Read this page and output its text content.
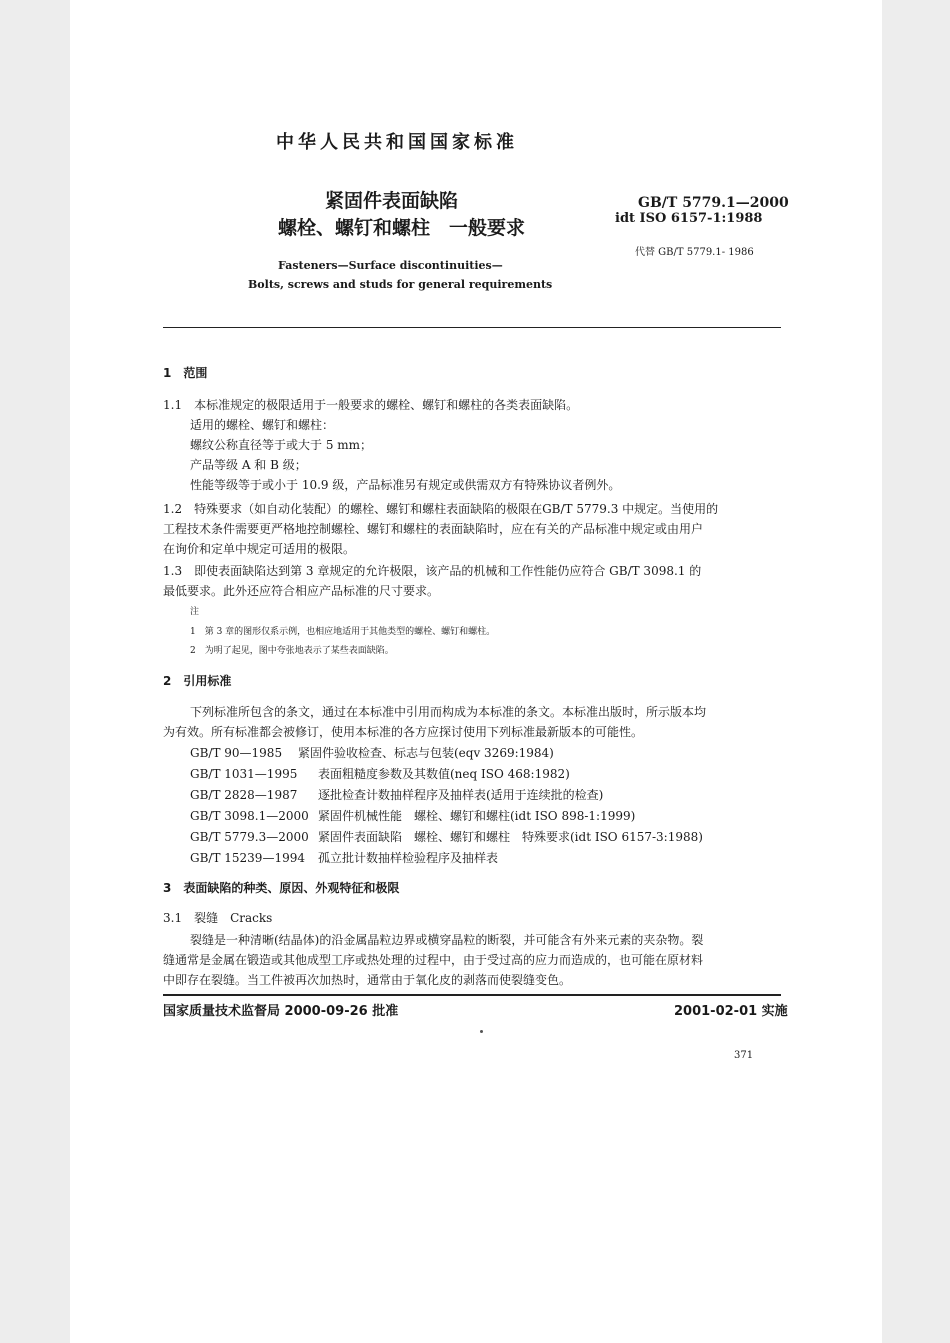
中华人民共和国国家标准
紧固件表面缺陷
螺栓、螺钉和螺柱　一般要求
GB/T 5779.1—2000
idt ISO 6157-1:1988
代替 GB/T 5779.1- 1986
Fasteners—Surface discontinuities—
Bolts, screws and studs for general requirements
1　范围
1.1　本标准规定的极限适用于一般要求的螺栓、螺钉和螺柱的各类表面缺陷。
适用的螺栓、螺钉和螺柱：
螺纹公称直径等于或大于 5 mm；
产品等级 A 和 B 级；
性能等级等于或小于 10.9 级，产品标准另有规定或供需双方有特殊协议者例外。
1.2　特殊要求（如自动化装配）的螺栓、螺钉和螺柱表面缺陷的极限在GB/T 5779.3 中规定。当使用的
工程技术条件需要更严格地控制螺栓、螺钉和螺柱的表面缺陷时，应在有关的产品标准中规定或由用户
在询价和定单中规定可适用的极限。
1.3　即使表面缺陷达到第 3 章规定的允许极限，该产品的机械和工作性能仍应符合 GB/T 3098.1 的
最低要求。此外还应符合相应产品标准的尺寸要求。
注
1　第 3 章的图形仅系示例，也相应地适用于其他类型的螺栓、螺钉和螺柱。
2　为明了起见，图中夸张地表示了某些表面缺陷。
2　引用标准
下列标准所包含的条文，通过在本标准中引用而构成为本标准的条文。本标准出版时，所示版本均
为有效。所有标准都会被修订，使用本标准的各方应探讨使用下列标准最新版本的可能性。
GB/T 90—1985 紧固件验收检查、标志与包装(eqv 3269:1984)
GB/T 1031—1995 表面粗糙度参数及其数值(neq ISO 468:1982)
GB/T 2828—1987 逐批检查计数抽样程序及抽样表(适用于连续批的检查)
GB/T 3098.1—2000 紧固件机械性能　螺栓、螺钉和螺柱(idt ISO 898-1:1999)
GB/T 5779.3—2000 紧固件表面缺陷　螺栓、螺钉和螺柱　特殊要求(idt ISO 6157-3:1988)
GB/T 15239—1994 孤立批计数抽样检验程序及抽样表
3　表面缺陷的种类、原因、外观特征和极限
3.1　裂缝　Cracks
裂缝是一种清晰(结晶体)的沿金属晶粒边界或横穿晶粒的断裂，并可能含有外来元素的夹杂物。裂
缝通常是金属在锻造或其他成型工序或热处理的过程中，由于受过高的应力而造成的，也可能在原材料
中即存在裂缝。当工件被再次加热时，通常由于氧化皮的剥落而使裂缝变色。
国家质量技术监督局 2000-09-26 批准	2001-02-01 实施
371
